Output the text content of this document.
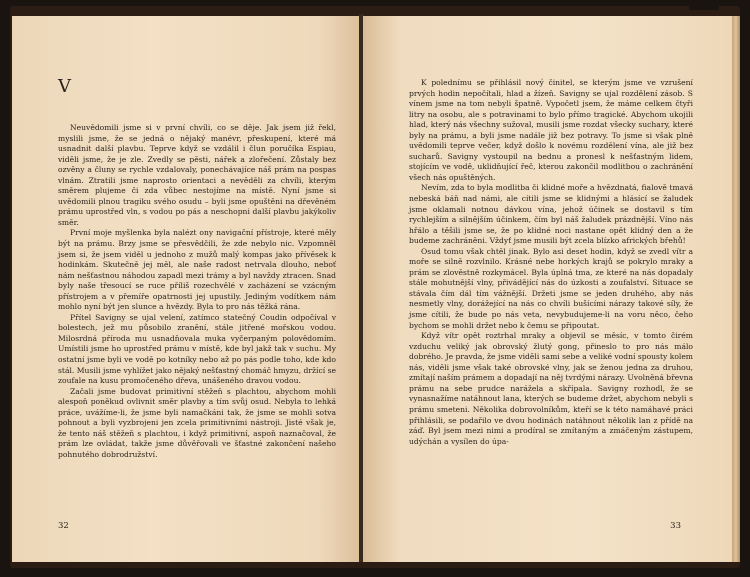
V

Neuvědomili jsme si v první chvíli, co se děje. Jak jsem již řekl, myslili jsme, že se jedná o nějaký manévr, přeskupení, které má usnadnit další plavbu. Teprve když se vzdálil i člun poručíka Espiau, viděli jsme, že je zle. Zvedly se pěsti, nářek a zlořečení. Zůstaly bez ozvěny a čluny se rychle vzdalovaly, ponechávajíce náš prám na pospas vlnám. Ztratili jsme naprosto orientaci a nevěděli za chvíli, kterým směrem plujeme či zda vůbec nestojíme na místě. Nyní jsme si uvědomili plnou tragiku svého osudu – byli jsme opuštěni na dřevěném prámu uprostřed vln, s vodou po pás a neschopni další plavbu jakýkoliv směr.

První moje myšlenka byla nalézt ony navigační přístroje, které měly být na prámu. Brzy jsme se přesvědčili, že zde nebylo nic. Vzpomněl jsem si, že jsem viděl u jednoho z mužů malý kompas jako přívěsek k hodinkám. Skutečně jej měl, ale naše radost netrvala dlouho, neboť nám nešťastnou náhodou zapadl mezi trámy a byl navždy ztracen. Snad byly naše třesoucí se ruce příliš rozechvělé v zacházení se vzácným přístrojem a v přemíře opatrnosti jej upustily. Jediným vodítkem nám mohlo nyní být jen slunce a hvězdy. Byla to pro nás těžká rána.

Přítel Savigny se ujal velení, zatímco statečný Coudin odpočíval v bolestech, jež mu působilo zranění, stále jitřené mořskou vodou. Milosrdná příroda mu usnadňovala muka vyčerpaným polovědomím. Umístili jsme ho uprostřed prámu v místě, kde byl jakž tak v suchu. My ostatní jsme byli ve vodě po kotníky nebo až po pás podle toho, kde kdo stál. Musili jsme vyhlížet jako nějaký nešťastný chomáč hmyzu, držící se zoufale na kusu promočeného dřeva, unášeného dravou vodou.

Začali jsme budovat primitivní stěžeň s plachtou, abychom mohli alespoň poněkud ovlivnit směr plavby a tím svůj osud. Nebyla to lehká práce, uvážíme-li, že jsme byli namačkáni tak, že jsme se mohli sotva pohnout a byli vyzbrojeni jen zcela primitivními nástroji. Jisté však je, že tento náš stěžeň s plachtou, i když primitivní, aspoň naznačoval, že prám lze ovládat, takže jsme důvěřovali ve šťastné zakončení našeho pohnutého dobrodružství.

32

K polednímu se přihlásil nový činitel, se kterým jsme ve vzrušení prvých hodin nepočítali, hlad a žízeň. Savigny se ujal rozdělení zásob. S vínem jsme na tom nebyli špatně. Vypočetl jsem, že máme celkem čtyři litry na osobu, ale s potravinami to bylo přímo tragické. Abychom ukojili hlad, který nás všechny sužoval, musili jsme rozdat všecky suchary, které byly na prámu, a byli jsme nadále již bez potravy. To jsme si však plně uvědomili teprve večer, když došlo k novému rozdělení vína, ale již bez sucharů. Savigny vystoupil na bednu a pronesl k nešťastným lidem, stojícím ve vodě, uklidňující řeč, kterou zakončil modlitbou o zachránění všech nás opuštěných.

Nevím, zda to byla modlitba či klidné moře a hvězdnatá, fialově tmavá nebeská báň nad námi, ale cítili jsme se klidnými a hlásící se žaludek jsme oklamali notnou dávkou vína, jehož účinek se dostavil s tím rychlejším a silnějším účinkem, čím byl náš žaludek prázdnější. Víno nás hřálo a těšili jsme se, že po klidné noci nastane opět klidný den a že budeme zachráněni. Vždyť jsme musili být zcela blízko afrických břehů!

Osud tomu však chtěl jinak. Bylo asi deset hodin, když se zvedl vítr a moře se silně rozvlnilo. Krásné nebe horkých krajů se pokrylo mraky a prám se zlověstně rozkymácel. Byla úplná tma, ze které na nás dopadaly stále mohutnější vlny, přivádějící nás do úzkosti a zoufalství. Situace se stávala čím dál tím vážnější. Držeti jsme se jeden druhého, aby nás nesmetly vlny, dorážející na nás co chvíli bušícími nárazy takové síly, že jsme cítili, že bude po nás veta, nevybudujeme-li na voru něco, čeho bychom se mohli držet nebo k čemu se připoutat.

Když vítr opět roztrhal mraky a objevil se měsíc, v tomto čirém vzduchu veliký jak obrovský žlutý gong, přineslo to pro nás málo dobrého. Je pravda, že jsme viděli sami sebe a veliké vodní spousty kolem nás, viděli jsme však také obrovské vlny, jak se ženou jedna za druhou, zmítají naším prámem a dopadají na něj tvrdými nárazy. Uvolněná břevna prámu na sebe prudce narážela a skřípala. Savigny rozhodl, že se vynasnažíme natáhnout lana, kterých se budeme držet, abychom nebyli s prámu smeteni. Několika dobrovolníkům, kteří se k této namáhavé práci přihlásili, se podařilo ve dvou hodinách natáhnout několik lan z přídě na záď. Byl jsem mezi nimi a prodíral se zmítaným a zmáčeným zástupem, udýchán a vysílen do úpa-

33
